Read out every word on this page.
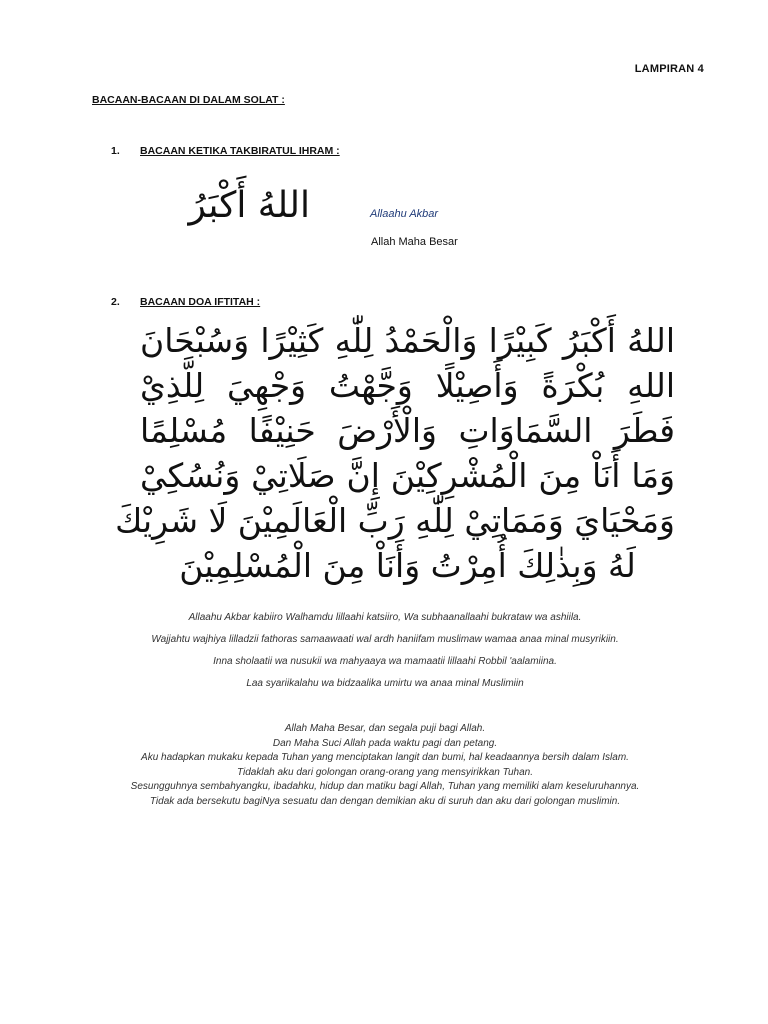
LAMPIRAN 4
BACAAN-BACAAN DI DALAM SOLAT :
1. BACAAN KETIKA TAKBIRATUL IHRAM :
اللهُ أَكْبَرُ	Allaahu Akbar
Allah Maha Besar
2. BACAAN DOA IFTITAH :
اللهُ أَكْبَرُ كَبِيْرًا وَالْحَمْدُ لِلّٰهِ كَثِيْرًا وَسُبْحَانَ
اللهِ بُكْرَةً وَأَصِيْلًا وَجَّهْتُ وَجْهِيَ لِلَّذِيْ
فَطَرَ السَّمَاوَاتِ وَالْأَرْضَ حَنِيْفًا مُسْلِمًا
وَمَا أَنَاْ مِنَ الْمُشْرِكِيْنَ إِنَّ صَلَاتِيْ وَنُسُكِيْ
وَمَحْيَايَ وَمَمَاتِيْ لِلّٰهِ رَبِّ الْعَالَمِيْنَ لَا شَرِيْكَ
لَهُ وَبِذٰلِكَ أُمِرْتُ وَأَنَاْ مِنَ الْمُسْلِمِيْنَ
Allaahu Akbar kabiiro Walhamdu lillaahi katsiiro, Wa subhaanallaahi bukrataw wa ashiila.
Wajjahtu wajhiya lilladzii fathoras samaawaati wal ardh haniifam muslimaw wamaa anaa minal musyrikiin.
Inna sholaatii wa nusukii wa mahyaaya wa mamaatii lillaahi Robbil 'aalamiina.
Laa syariikalahu wa bidzaalika umirtu wa anaa minal Muslimiin
Allah Maha Besar, dan segala puji bagi Allah.
Dan Maha Suci Allah pada waktu pagi dan petang.
Aku hadapkan mukaku kepada Tuhan yang menciptakan langit dan bumi, hal keadaannya bersih dalam Islam.
Tidaklah aku dari golongan orang-orang yang mensyirikkan Tuhan.
Sesungguhnya sembahyangku, ibadahku, hidup dan matiku bagi Allah, Tuhan yang memiliki alam keseluruhannya.
Tidak ada bersekutu bagiNya sesuatu dan dengan demikian aku di suruh dan aku dari golongan muslimin.
